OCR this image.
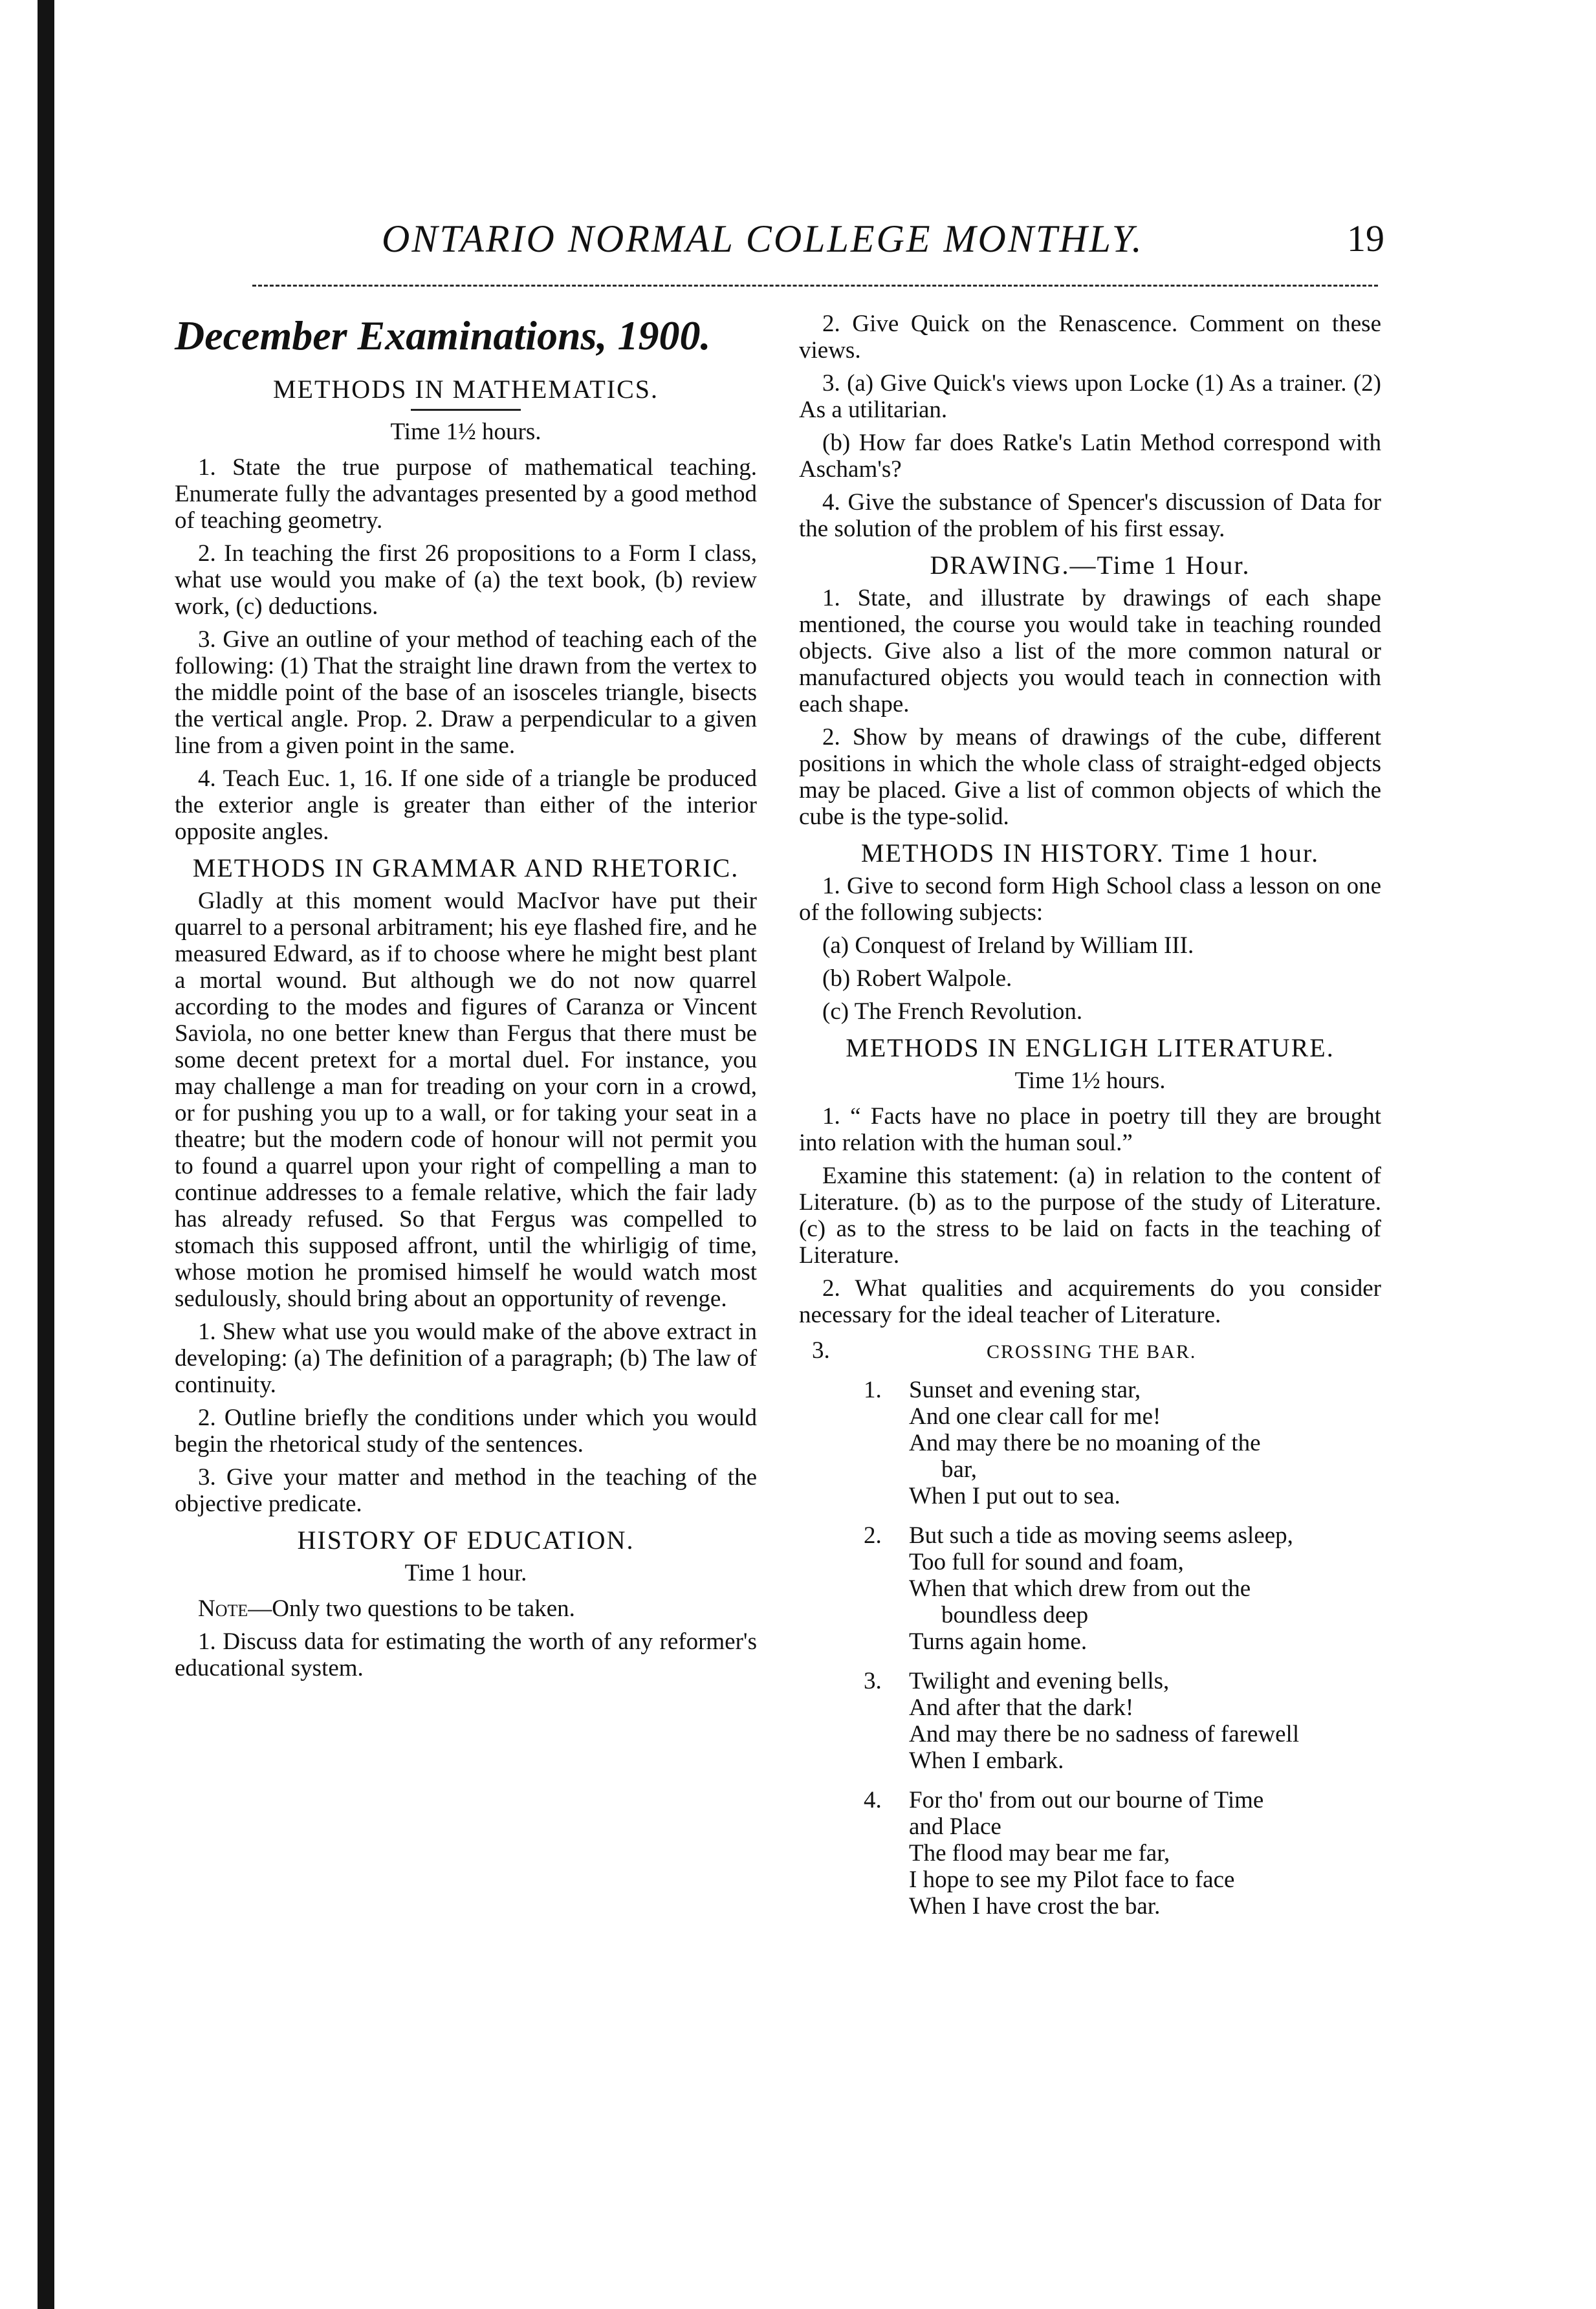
ONTARIO NORMAL COLLEGE MONTHLY.	19
December Examinations, 1900.
METHODS IN MATHEMATICS.
Time 1½ hours.

1. State the true purpose of mathematical teaching. Enumerate fully the advantages presented by a good method of teaching geometry.

2. In teaching the first 26 propositions to a Form I class, what use would you make of (a) the text book, (b) review work, (c) deductions.

3. Give an outline of your method of teaching each of the following: (1) That the straight line drawn from the vertex to the middle point of the base of an isosceles triangle, bisects the vertical angle. Prop. 2. Draw a perpendicular to a given line from a given point in the same.

4. Teach Euc. 1, 16. If one side of a triangle be produced the exterior angle is greater than either of the interior opposite angles.

METHODS IN GRAMMAR AND RHETORIC.

Gladly at this moment would MacIvor have put their quarrel to a personal arbitrament; his eye flashed fire, and he measured Edward, as if to choose where he might best plant a mortal wound. But although we do not now quarrel according to the modes and figures of Caranza or Vincent Saviola, no one better knew than Fergus that there must be some decent pretext for a mortal duel. For instance, you may challenge a man for treading on your corn in a crowd, or for pushing you up to a wall, or for taking your seat in a theatre; but the modern code of honour will not permit you to found a quarrel upon your right of compelling a man to continue addresses to a female relative, which the fair lady has already refused. So that Fergus was compelled to stomach this supposed affront, until the whirligig of time, whose motion he promised himself he would watch most sedulously, should bring about an opportunity of revenge.

1. Shew what use you would make of the above extract in developing: (a) The definition of a paragraph; (b) The law of continuity.

2. Outline briefly the conditions under which you would begin the rhetorical study of the sentences.

3. Give your matter and method in the teaching of the objective predicate.

HISTORY OF EDUCATION.
Time 1 hour.

Note—Only two questions to be taken.

1. Discuss data for estimating the worth of any reformer's educational system.

2. Give Quick on the Renascence. Comment on these views.

3. (a) Give Quick's views upon Locke (1) As a trainer. (2) As a utilitarian.

(b) How far does Ratke's Latin Method correspond with Ascham's?

4. Give the substance of Spencer's discussion of Data for the solution of the problem of his first essay.

DRAWING.—Time 1 Hour.

1. State, and illustrate by drawings of each shape mentioned, the course you would take in teaching rounded objects. Give also a list of the more common natural or manufactured objects you would teach in connection with each shape.

2. Show by means of drawings of the cube, different positions in which the whole class of straight-edged objects may be placed. Give a list of common objects of which the cube is the type-solid.

METHODS IN HISTORY. Time 1 hour.

1. Give to second form High School class a lesson on one of the following subjects:

(a) Conquest of Ireland by William III.

(b) Robert Walpole.

(c) The French Revolution.

METHODS IN ENGLIGH LITERATURE.
Time 1½ hours.

1. “ Facts have no place in poetry till they are brought into relation with the human soul.”

Examine this statement: (a) in relation to the content of Literature. (b) as to the purpose of the study of Literature. (c) as to the stress to be laid on facts in the teaching of Literature.

2. What qualities and acquirements do you consider necessary for the ideal teacher of Literature.

3.	CROSSING THE BAR.
1. Sunset and evening star,
And one clear call for me!
And may there be no moaning of the
bar,
When I put out to sea.
2. But such a tide as moving seems asleep,
Too full for sound and foam,
When that which drew from out the
boundless deep
Turns again home.
3. Twilight and evening bells,
And after that the dark!
And may there be no sadness of farewell
When I embark.
4. For tho' from out our bourne of Time
and Place
The flood may bear me far,
I hope to see my Pilot face to face
When I have crost the bar.
